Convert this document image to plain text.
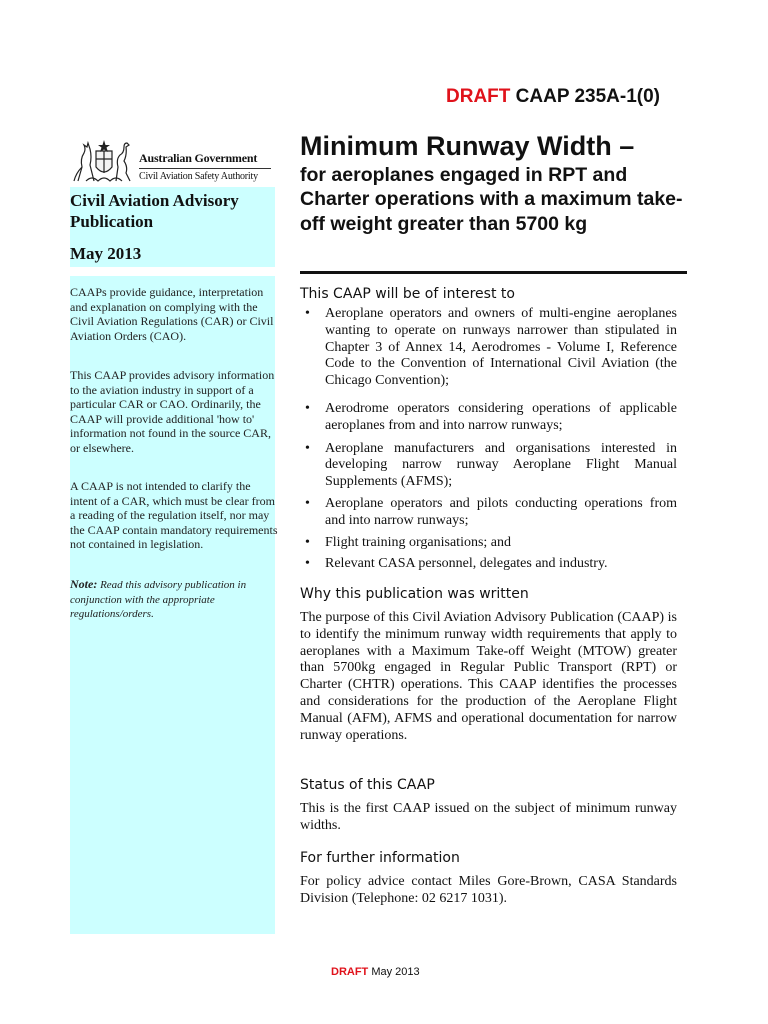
DRAFT CAAP 235A-1(0)
Australian Government
Civil Aviation Safety Authority
Civil Aviation Advisory Publication
May 2013
CAAPs provide guidance, interpretation and explanation on complying with the Civil Aviation Regulations (CAR) or Civil Aviation Orders (CAO).
This CAAP provides advisory information to the aviation industry in support of a particular CAR or CAO. Ordinarily, the CAAP will provide additional 'how to' information not found in the source CAR, or elsewhere.
A CAAP is not intended to clarify the intent of a CAR, which must be clear from a reading of the regulation itself, nor may the CAAP contain mandatory requirements not contained in legislation.
Note: Read this advisory publication in conjunction with the appropriate regulations/orders.
Minimum Runway Width –
for aeroplanes engaged in RPT and Charter operations with a maximum take-off weight greater than 5700 kg
This CAAP will be of interest to
• Aeroplane operators and owners of multi-engine aeroplanes wanting to operate on runways narrower than stipulated in Chapter 3 of Annex 14, Aerodromes - Volume I, Reference Code to the Convention of International Civil Aviation (the Chicago Convention);
• Aerodrome operators considering operations of applicable aeroplanes from and into narrow runways;
• Aeroplane manufacturers and organisations interested in developing narrow runway Aeroplane Flight Manual Supplements (AFMS);
• Aeroplane operators and pilots conducting operations from and into narrow runways;
• Flight training organisations; and
• Relevant CASA personnel, delegates and industry.
Why this publication was written
The purpose of this Civil Aviation Advisory Publication (CAAP) is to identify the minimum runway width requirements that apply to aeroplanes with a Maximum Take-off Weight (MTOW) greater than 5700kg engaged in Regular Public Transport (RPT) or Charter (CHTR) operations. This CAAP identifies the processes and considerations for the production of the Aeroplane Flight Manual (AFM), AFMS and operational documentation for narrow runway operations.
Status of this CAAP
This is the first CAAP issued on the subject of minimum runway widths.
For further information
For policy advice contact Miles Gore-Brown, CASA Standards Division (Telephone: 02 6217 1031).
DRAFT May 2013
